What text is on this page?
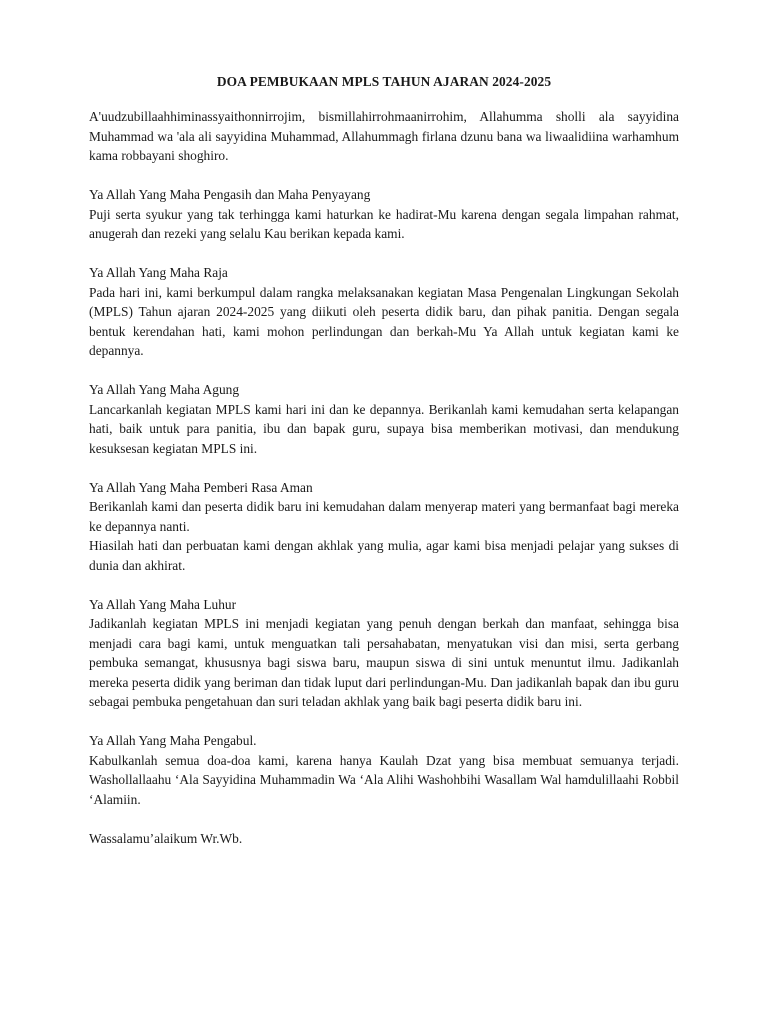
DOA PEMBUKAAN MPLS TAHUN AJARAN 2024-2025

A'uudzubillaahhiminassyaithonnirrojim, bismillahirrohmaanirrohim, Allahumma sholli ala sayyidina Muhammad wa 'ala ali sayyidina Muhammad, Allahummagh firlana dzunu bana wa liwaalidiina warhamhum kama robbayani shoghiro.

Ya Allah Yang Maha Pengasih dan Maha Penyayang

Puji serta syukur yang tak terhingga kami haturkan ke hadirat-Mu karena dengan segala limpahan rahmat, anugerah dan rezeki yang selalu Kau berikan kepada kami.

Ya Allah Yang Maha Raja

Pada hari ini, kami berkumpul dalam rangka melaksanakan kegiatan Masa Pengenalan Lingkungan Sekolah (MPLS) Tahun ajaran 2024-2025 yang diikuti oleh peserta didik baru, dan pihak panitia. Dengan segala bentuk kerendahan hati, kami mohon perlindungan dan berkah-Mu Ya Allah untuk kegiatan kami ke depannya.

Ya Allah Yang Maha Agung

Lancarkanlah kegiatan MPLS kami hari ini dan ke depannya. Berikanlah kami kemudahan serta kelapangan hati, baik untuk para panitia, ibu dan bapak guru, supaya bisa memberikan motivasi, dan mendukung kesuksesan kegiatan MPLS ini.

Ya Allah Yang Maha Pemberi Rasa Aman

Berikanlah kami dan peserta didik baru ini kemudahan dalam menyerap materi yang bermanfaat bagi mereka ke depannya nanti.

Hiasilah hati dan perbuatan kami dengan akhlak yang mulia, agar kami bisa menjadi pelajar yang sukses di dunia dan akhirat.

Ya Allah Yang Maha Luhur

Jadikanlah kegiatan MPLS ini menjadi kegiatan yang penuh dengan berkah dan manfaat, sehingga bisa menjadi cara bagi kami, untuk menguatkan tali persahabatan, menyatukan visi dan misi, serta gerbang pembuka semangat, khususnya bagi siswa baru, maupun siswa di sini untuk menuntut ilmu. Jadikanlah mereka peserta didik yang beriman dan tidak luput dari perlindungan-Mu. Dan jadikanlah bapak dan ibu guru sebagai pembuka pengetahuan dan suri teladan akhlak yang baik bagi peserta didik baru ini.

Ya Allah Yang Maha Pengabul.

Kabulkanlah semua doa-doa kami, karena hanya Kaulah Dzat yang bisa membuat semuanya terjadi. Washollallaahu ‘Ala Sayyidina Muhammadin Wa ‘Ala Alihi Washohbihi Wasallam Wal hamdulillaahi Robbil ‘Alamiin.

Wassalamu’alaikum Wr.Wb.
